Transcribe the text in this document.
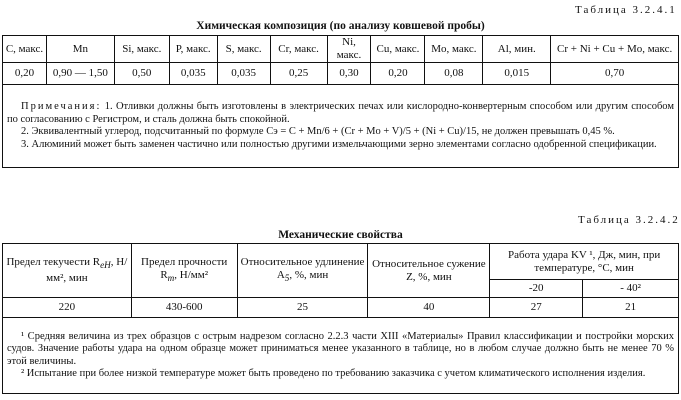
Таблица 3.2.4.1
Химическая композиция (по анализу ковшевой пробы)
C, макс.	Mn	Si, макс.	P, макс.	S, макс.	Cr, макс.	Ni, макс.	Cu, макс.	Mo, макс.	Al, мин.	Cr + Ni + Cu + Mo, макс.
0,20	0,90 — 1,50	0,50	0,035	0,035	0,25	0,30	0,20	0,08	0,015	0,70

Примечания: 1. Отливки должны быть изготовлены в электрических печах или кислородно-конвертерным способом или другим способом по согласованию с Регистром, и сталь должна быть спокойной.
2. Эквивалентный углерод, подсчитанный по формуле Cэ = C + Mn/6 + (Cr + Mo + V)/5 + (Ni + Cu)/15, не должен превышать 0,45 %.
3. Алюминий может быть заменен частично или полностью другими измельчающими зерно элементами согласно одобренной спецификации.										
Таблица 3.2.4.2
Механические свойства
Предел текучести $R_{eH}$, Н/мм², мин	Предел прочности $R_m$, Н/мм²	Относительное удлинение $A_5$, %, мин	Относительное сужение Z, %, мин	Работа удара KV ¹, Дж, мин, при температуре, °C, мин	
				-20	- 40²
220	430-600	25	40	27	21

¹ Средняя величина из трех образцов с острым надрезом согласно 2.2.3 части XIII «Материалы» Правил классификации и постройки морских судов. Значение работы удара на одном образце может приниматься менее указанного в таблице, но в любом случае должно быть не менее 70 % этой величины.
² Испытание при более низкой температуре может быть проведено по требованию заказчика с учетом климатического исполнения изделия.					
